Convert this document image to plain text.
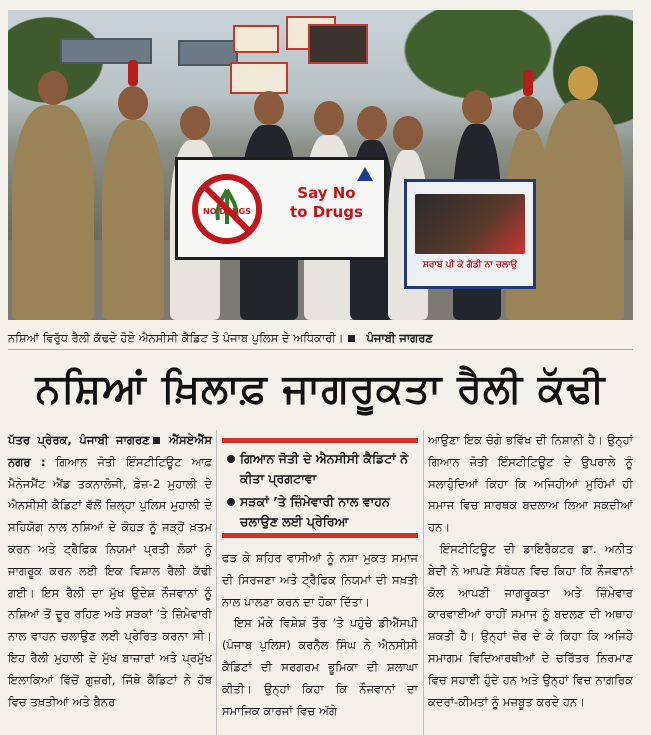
NO DRUGS
Say No
to Drugs
ਸ਼ਰਾਬ ਪੀ ਕੇ ਗੱਡੀ ਨਾ ਚਲਾਉ
ਨਸ਼ਿਆਂ ਵਿਰੁੱਧ ਰੈਲੀ ਕੱਢਦੇ ਹੋਏ ਐਨਸੀਸੀ ਕੈਡਿਟ ਤੇ ਪੰਜਾਬ ਪੁਲਿਸ ਦੇ ਅਧਿਕਾਰੀ। ਪੰਜਾਬੀ ਜਾਗਰਣ
ਨਸ਼ਿਆਂ ਖ਼ਿਲਾਫ਼ ਜਾਗਰੂਕਤਾ ਰੈਲੀ ਕੱਢੀ

ਪੱਤਰ ਪ੍ਰੇਰਕ, ਪੰਜਾਬੀ ਜਾਗਰਣ ਐੱਸਏਐੱਸ ਨਗਰ : ਗਿਆਨ ਜੋਤੀ ਇੰਸਟੀਟਿਊਟ ਆਫ਼ ਮੈਨੇਜਮੈਂਟ ਐਂਡ ਤਕਨਾਲੋਜੀ, ਫ਼ੇਜ਼-2 ਮੁਹਾਲੀ ਦੇ ਐਨਸੀਸੀ ਕੈਡਿਟਾਂ ਵੱਲੋਂ ਜ਼ਿਲ੍ਹਾ ਪੁਲਿਸ ਮੁਹਾਲੀ ਦੇ ਸਹਿਯੋਗ ਨਾਲ ਨਸ਼ਿਆਂ ਦੇ ਕੋਹੜ ਨੂੰ ਜੜ੍ਹੋਂ ਖ਼ਤਮ ਕਰਨ ਅਤੇ ਟ੍ਰੈਫਿਕ ਨਿਯਮਾਂ ਪ੍ਰਤੀ ਲੋਕਾਂ ਨੂੰ ਜਾਗਰੂਕ ਕਰਨ ਲਈ ਇਕ ਵਿਸ਼ਾਲ ਰੈਲੀ ਕੱਢੀ ਗਈ। ਇਸ ਰੈਲੀ ਦਾ ਮੁੱਖ ਉਦੇਸ਼ ਨੌਜਵਾਨਾਂ ਨੂੰ ਨਸ਼ਿਆਂ ਤੋਂ ਦੂਰ ਰਹਿਣ ਅਤੇ ਸੜਕਾਂ ’ਤੇ ਜ਼ਿੰਮੇਵਾਰੀ ਨਾਲ ਵਾਹਨ ਚਲਾਉਣ ਲਈ ਪ੍ਰੇਰਿਤ ਕਰਨਾ ਸੀ। ਇਹ ਰੈਲੀ ਮੁਹਾਲੀ ਦੇ ਮੁੱਖ ਬਾਜ਼ਾਰਾਂ ਅਤੇ ਪ੍ਰਮੁੱਖ ਇਲਾਕਿਆਂ ਵਿੱਚੋਂ ਗੁਜ਼ਰੀ, ਜਿੱਥੇ ਕੈਡਿਟਾਂ ਨੇ ਹੱਥ ਵਿਚ ਤਖ਼ਤੀਆਂ ਅਤੇ ਬੈਨਰ

ਗਿਆਨ ਜੋਤੀ ਦੇ ਐਨਸੀਸੀ ਕੈਡਿਟਾਂ ਨੇ ਕੀਤਾ ਪ੍ਰਗਟਾਵਾ
ਸੜਕਾਂ ’ਤੇ ਜ਼ਿੰਮੇਵਾਰੀ ਨਾਲ ਵਾਹਨ ਚਲਾਉਣ ਲਈ ਪ੍ਰੇਰਿਆ

ਫੜ ਕੇ ਸ਼ਹਿਰ ਵਾਸੀਆਂ ਨੂੰ ਨਸ਼ਾ ਮੁਕਤ ਸਮਾਜ ਦੀ ਸਿਰਜਣਾ ਅਤੇ ਟ੍ਰੈਫਿਕ ਨਿਯਮਾਂ ਦੀ ਸਖ਼ਤੀ ਨਾਲ ਪਾਲਣਾ ਕਰਨ ਦਾ ਹੋਕਾ ਦਿੱਤਾ।

ਇਸ ਮੌਕੇ ਵਿਸ਼ੇਸ਼ ਤੌਰ ’ਤੇ ਪਹੁੰਚੇ ਡੀਐੱਸਪੀ (ਪੰਜਾਬ ਪੁਲਿਸ) ਕਰਨੈਲ ਸਿੰਘ ਨੇ ਐਨਸੀਸੀ ਕੈਡਿਟਾਂ ਦੀ ਸਰਗਰਮ ਭੂਮਿਕਾ ਦੀ ਸ਼ਲਾਘਾ ਕੀਤੀ। ਉਨ੍ਹਾਂ ਕਿਹਾ ਕਿ ਨੌਜਵਾਨਾਂ ਦਾ ਸਮਾਜਿਕ ਕਾਰਜਾਂ ਵਿਚ ਅੱਗੇ

ਆਉਣਾ ਇਕ ਚੰਗੇ ਭਵਿੱਖ ਦੀ ਨਿਸ਼ਾਨੀ ਹੈ। ਉਨ੍ਹਾਂ ਗਿਆਨ ਜੋਤੀ ਇੰਸਟੀਟਿਊਟ ਦੇ ਉਪਰਾਲੇ ਨੂੰ ਸਲਾਹੁੰਦਿਆਂ ਕਿਹਾ ਕਿ ਅਜਿਹੀਆਂ ਮੁਹਿੰਮਾਂ ਹੀ ਸਮਾਜ ਵਿਚ ਸਾਰਥਕ ਬਦਲਾਅ ਲਿਆ ਸਕਦੀਆਂ ਹਨ।

ਇੰਸਟੀਟਿਊਟ ਦੀ ਡਾਇਰੈਕਟਰ ਡਾ. ਅਨੀਤ ਬੇਦੀ ਨੇ ਆਪਣੇ ਸੰਬੋਧਨ ਵਿਚ ਕਿਹਾ ਕਿ ਨੌਜਵਾਨਾਂ ਕੋਲ ਆਪਣੀ ਜਾਗਰੂਕਤਾ ਅਤੇ ਜ਼ਿੰਮੇਵਾਰ ਕਾਰਵਾਈਆਂ ਰਾਹੀਂ ਸਮਾਜ ਨੂੰ ਬਦਲਣ ਦੀ ਅਥਾਹ ਸ਼ਕਤੀ ਹੈ। ਉਨ੍ਹਾਂ ਜ਼ੋਰ ਦੇ ਕੇ ਕਿਹਾ ਕਿ ਅਜਿਹੇ ਸਮਾਗਮ ਵਿਦਿਆਰਥੀਆਂ ਦੇ ਚਰਿੱਤਰ ਨਿਰਮਾਣ ਵਿਚ ਸਹਾਈ ਹੁੰਦੇ ਹਨ ਅਤੇ ਉਨ੍ਹਾਂ ਵਿਚ ਨਾਗਰਿਕ ਕਦਰਾਂ-ਕੀਮਤਾਂ ਨੂੰ ਮਜ਼ਬੂਤ ਕਰਦੇ ਹਨ।
